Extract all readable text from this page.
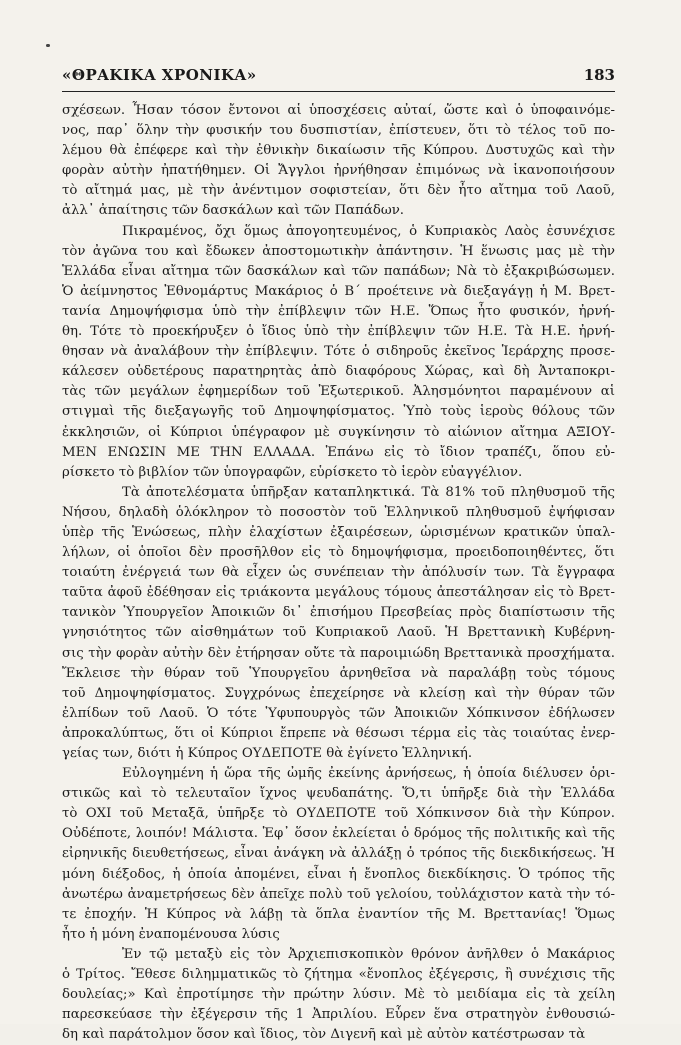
«ΘΡΑΚΙΚΑ ΧΡΟΝΙΚΑ»	183

σχέσεων. Ἦσαν τόσον ἔντονοι αἱ ὑποσχέσεις αὐταί, ὥστε καὶ ὁ ὑποφαινόμε-
νος, παρ᾽ ὅλην τὴν φυσικήν του δυσπιστίαν, ἐπίστευεν, ὅτι τὸ τέλος τοῦ πο-
λέμου θὰ ἐπέφερε καὶ τὴν ἐθνικὴν δικαίωσιν τῆς Κύπρου. Δυστυχῶς καὶ τὴν
φορὰν αὐτὴν ἠπατήθημεν. Οἱ Ἄγγλοι ἠρνήθησαν ἐπιμόνως νὰ ἱκανοποιήσουν
τὸ αἴτημά μας, μὲ τὴν ἀνέντιμον σοφιστείαν, ὅτι δὲν ἦτο αἴτημα τοῦ Λαοῦ,
ἀλλ᾽ ἀπαίτησις τῶν δασκάλων καὶ τῶν Παπάδων.

Πικραμένος, ὄχι ὅμως ἀπογοητευμένος, ὁ Κυπριακὸς Λαὸς ἐσυνέχισε
τὸν ἀγῶνα του καὶ ἔδωκεν ἀποστομωτικὴν ἀπάντησιν. Ἡ ἕνωσις μας μὲ τὴν
Ἑλλάδα εἶναι αἴτημα τῶν δασκάλων καὶ τῶν παπάδων; Νὰ τὸ ἐξακριβώσωμεν.
Ὁ ἀείμνηστος Ἐθνομάρτυς Μακάριος ὁ Β´ προέτεινε νὰ διεξαγάγῃ ἡ Μ. Βρετ-
τανία Δημοψήφισμα ὑπὸ τὴν ἐπίβλεψιν τῶν Η.Ε. Ὅπως ἦτο φυσικόν, ἠρνή-
θη. Τότε τὸ προεκήρυξεν ὁ ἴδιος ὑπὸ τὴν ἐπίβλεψιν τῶν Η.Ε. Τὰ Η.Ε. ἠρνή-
θησαν νὰ ἀναλάβουν τὴν ἐπίβλεψιν. Τότε ὁ σιδηροῦς ἐκεῖνος Ἱεράρχης προσε-
κάλεσεν οὐδετέρους παρατηρητὰς ἀπὸ διαφόρους Χώρας, καὶ δὴ Ἀνταποκρι-
τὰς τῶν μεγάλων ἐφημερίδων τοῦ Ἐξωτερικοῦ. Ἀλησμόνητοι παραμένουν αἱ
στιγμαὶ τῆς διεξαγωγῆς τοῦ Δημοψηφίσματος. Ὑπὸ τοὺς ἱεροὺς θόλους τῶν
ἐκκλησιῶν, οἱ Κύπριοι ὑπέγραφον μὲ συγκίνησιν τὸ αἰώνιον αἴτημα ΑΞΙΟΥ-
ΜΕΝ ΕΝΩΣΙΝ ΜΕ ΤΗΝ ΕΛΛΑΔΑ. Ἐπάνω εἰς τὸ ἴδιον τραπέζι, ὅπου εὐ-
ρίσκετο τὸ βιβλίον τῶν ὑπογραφῶν, εὑρίσκετο τὸ ἱερὸν εὐαγγέλιον.

Τὰ ἀποτελέσματα ὑπῆρξαν καταπληκτικά. Τὰ 81% τοῦ πληθυσμοῦ τῆς
Νήσου, δηλαδὴ ὁλόκληρον τὸ ποσοστὸν τοῦ Ἑλληνικοῦ πληθυσμοῦ ἐψήφισαν
ὑπὲρ τῆς Ἑνώσεως, πλὴν ἐλαχίστων ἐξαιρέσεων, ὡρισμένων κρατικῶν ὑπαλ-
λήλων, οἱ ὁποῖοι δὲν προσῆλθον εἰς τὸ δημοψήφισμα, προειδοποιηθέντες, ὅτι
τοιαύτη ἐνέργειά των θὰ εἶχεν ὡς συνέπειαν τὴν ἀπόλυσίν των. Τὰ ἔγγραφα
ταῦτα ἀφοῦ ἐδέθησαν εἰς τριάκοντα μεγάλους τόμους ἀπεστάλησαν εἰς τὸ Βρετ-
τανικὸν Ὑπουργεῖον Ἀποικιῶν δι᾽ ἐπισήμου Πρεσβείας πρὸς διαπίστωσιν τῆς
γνησιότητος τῶν αἰσθημάτων τοῦ Κυπριακοῦ Λαοῦ. Ἡ Βρεττανικὴ Κυβέρνη-
σις τὴν φορὰν αὐτὴν δὲν ἐτήρησαν οὔτε τὰ παροιμιώδη Βρεττανικὰ προσχήματα.
Ἔκλεισε τὴν θύραν τοῦ Ὑπουργεῖου ἀρνηθεῖσα νὰ παραλάβῃ τοὺς τόμους
τοῦ Δημοψηφίσματος. Συγχρόνως ἐπεχείρησε νὰ κλείσῃ καὶ τὴν θύραν τῶν
ἐλπίδων τοῦ Λαοῦ. Ὁ τότε Ὑφυπουργὸς τῶν Ἀποικιῶν Χόπκινσον ἐδήλωσεν
ἀπροκαλύπτως, ὅτι οἱ Κύπριοι ἔπρεπε νὰ θέσωσι τέρμα εἰς τὰς τοιαύτας ἐνερ-
γείας των, διότι ἡ Κύπρος ΟΥΔΕΠΟΤΕ θὰ ἐγίνετο Ἑλληνική.

Εὐλογημένη ἡ ὥρα τῆς ὠμῆς ἐκείνης ἀρνήσεως, ἡ ὁποία διέλυσεν ὁρι-
στικῶς καὶ τὸ τελευταῖον ἴχνος ψευδαπάτης. Ὅ,τι ὑπῆρξε διὰ τὴν Ἑλλάδα
τὸ ΟΧΙ τοῦ Μεταξᾶ, ὑπῆρξε τὸ ΟΥΔΕΠΟΤΕ τοῦ Χόπκινσον διὰ τὴν Κύπρον.
Οὐδέποτε, λοιπόν! Μάλιστα. Ἐφ᾽ ὅσον ἐκλείεται ὁ δρόμος τῆς πολιτικῆς καὶ τῆς
εἰρηνικῆς διευθετήσεως, εἶναι ἀνάγκη νὰ ἀλλάξῃ ὁ τρόπος τῆς διεκδικήσεως. Ἡ
μόνη διέξοδος, ἡ ὁποία ἀπομένει, εἶναι ἡ ἔνοπλος διεκδίκησις. Ὁ τρόπος τῆς
ἀνωτέρω ἀναμετρήσεως δὲν ἀπεῖχε πολὺ τοῦ γελοίου, τοὐλάχιστον κατὰ τὴν τό-
τε ἐποχήν. Ἡ Κύπρος νὰ λάβῃ τὰ ὅπλα ἐναντίον τῆς Μ. Βρεττανίας! Ὅμως
ἦτο ἡ μόνη ἐναπομένουσα λύσις

Ἐν τῷ μεταξὺ εἰς τὸν Ἀρχιεπισκοπικὸν θρόνον ἀνῆλθεν ὁ Μακάριος
ὁ Τρίτος. Ἔθεσε διλημματικῶς τὸ ζήτημα «ἔνοπλος ἐξέγερσις, ἢ συνέχισις τῆς
δουλείας;» Καὶ ἐπροτίμησε τὴν πρώτην λύσιν. Μὲ τὸ μειδίαμα εἰς τὰ χείλη
παρεσκεύασε τὴν ἐξέγερσιν τῆς 1 Ἀπριλίου. Εὗρεν ἕνα στρατηγὸν ἐνθουσιώ-
δη καὶ παράτολμον ὅσον καὶ ἴδιος, τὸν Διγενῆ καὶ μὲ αὐτὸν κατέστρωσαν τὰ
